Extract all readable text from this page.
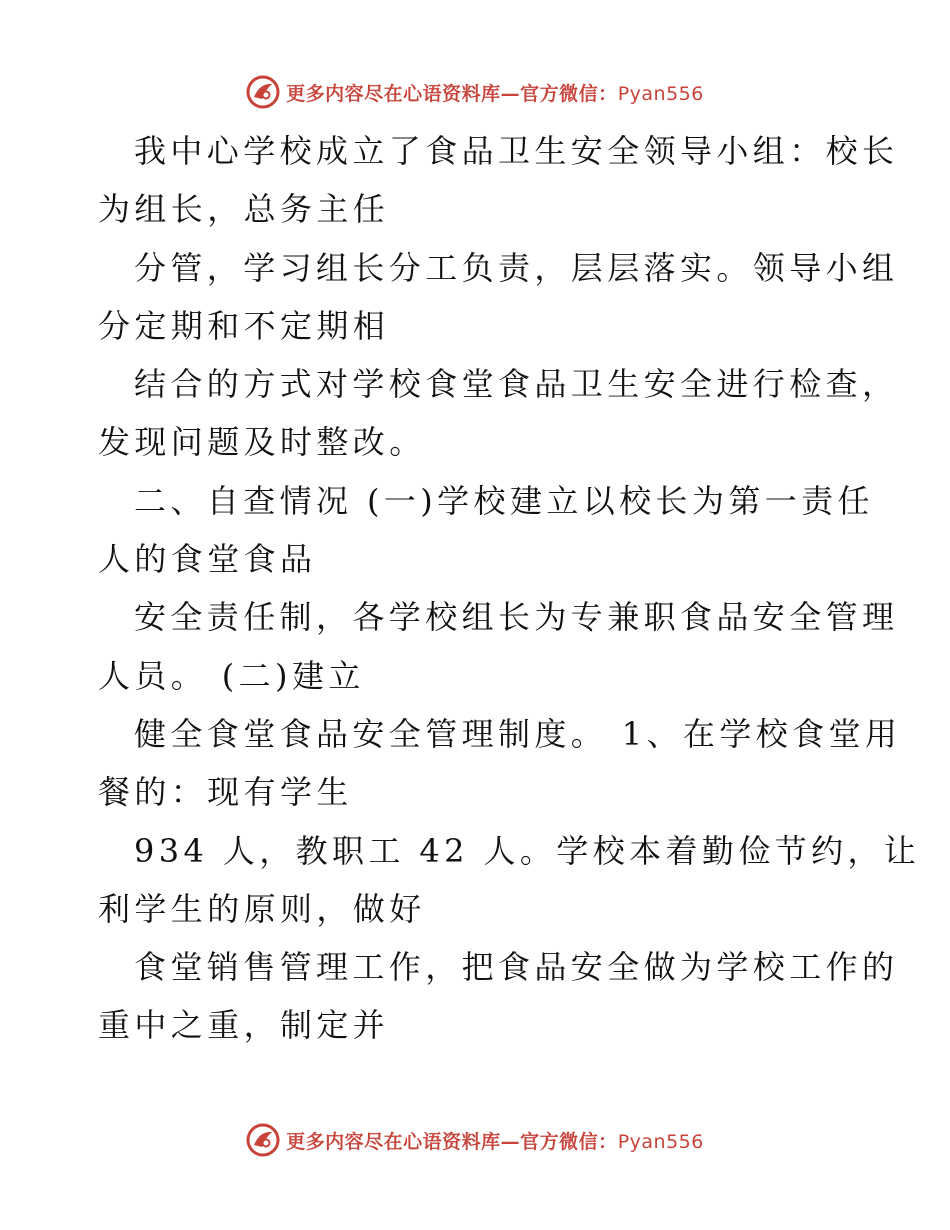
更多内容尽在心语资料库—官方微信：Pyan556
我中心学校成立了食品卫生安全领导小组：校长
为组长，总务主任
分管，学习组长分工负责，层层落实。领导小组
分定期和不定期相
结合的方式对学校食堂食品卫生安全进行检查，
发现问题及时整改。
二、自查情况 (一)学校建立以校长为第一责任
人的食堂食品
安全责任制，各学校组长为专兼职食品安全管理
人员。 (二)建立
健全食堂食品安全管理制度。 1、在学校食堂用
餐的：现有学生
934 人，教职工 42 人。学校本着勤俭节约，让
利学生的原则，做好
食堂销售管理工作，把食品安全做为学校工作的
重中之重，制定并
更多内容尽在心语资料库—官方微信：Pyan556
